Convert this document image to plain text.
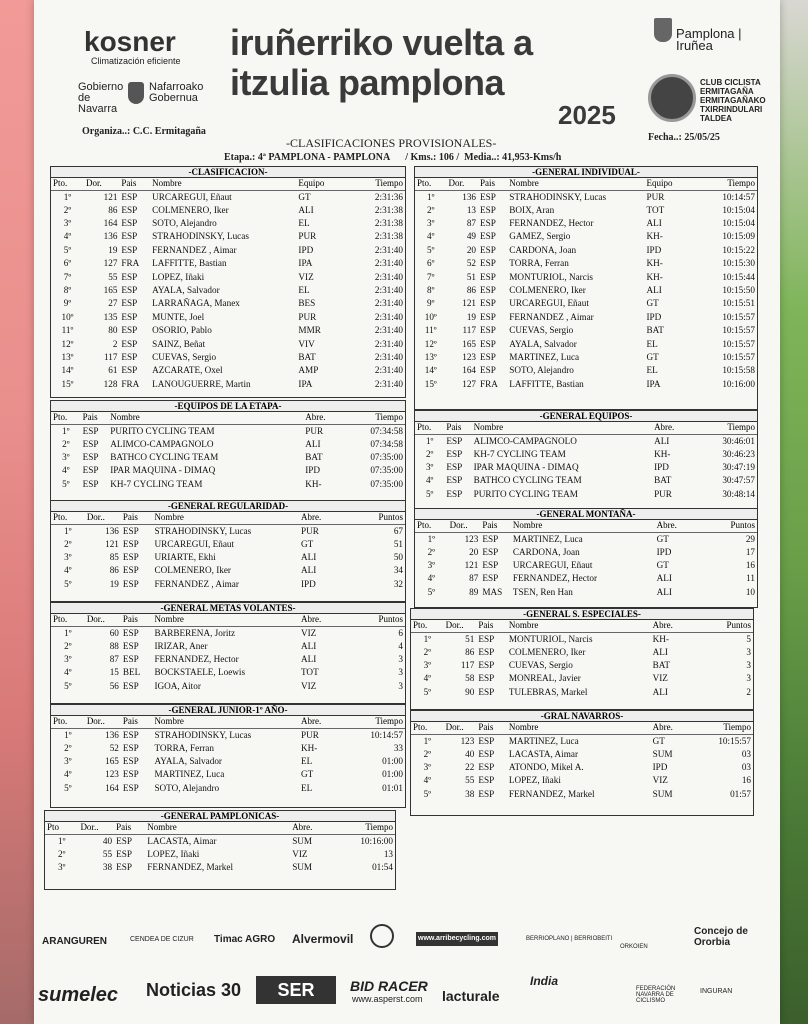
kosner
Climatización eficiente
Gobierno de Navarra
Nafarroako Gobernua
iruñerriko vuelta a
itzulia pamplona
2025
Pamplona | Iruñea
CLUB CICLISTA ERMITAGAÑA ERMITAGAÑAKO TXIRRINDULARI TALDEA
Organiza..: C.C. Ermitagaña
-CLASIFICACIONES PROVISIONALES-	Fecha..: 25/05/25
Etapa.: 4ª PAMPLONA - PAMPLONA / Kms.: 106 / Media..: 41,953-Kms/h
-CLASIFICACION-
Pto.	Dor.	Pais	Nombre	Equipo	Tiempo
1º	121	ESP	URCAREGUI, Eñaut	GT	2:31:36
2º	86	ESP	COLMENERO, Iker	ALI	2:31:38
3º	164	ESP	SOTO, Alejandro	EL	2:31:38
4º	136	ESP	STRAHODINSKY, Lucas	PUR	2:31:38
5º	19	ESP	FERNANDEZ , Aimar	IPD	2:31:40
6º	127	FRA	LAFFITTE, Bastian	IPA	2:31:40
7º	55	ESP	LOPEZ, Iñaki	VIZ	2:31:40
8º	165	ESP	AYALA, Salvador	EL	2:31:40
9º	27	ESP	LARRAÑAGA, Manex	BES	2:31:40
10º	135	ESP	MUNTE, Joel	PUR	2:31:40
11º	80	ESP	OSORIO, Pablo	MMR	2:31:40
12º	2	ESP	SAINZ, Beñat	VIV	2:31:40
13º	117	ESP	CUEVAS, Sergio	BAT	2:31:40
14º	61	ESP	AZCARATE, Oxel	AMP	2:31:40
15º	128	FRA	LANOUGUERRE, Martin	IPA	2:31:40
-EQUIPOS DE LA ETAPA-
Pto.	Pais	Nombre	Abre.	Tiempo
1º	ESP	PURITO CYCLING TEAM	PUR	07:34:58
2º	ESP	ALIMCO-CAMPAGNOLO	ALI	07:34:58
3º	ESP	BATHCO CYCLING TEAM	BAT	07:35:00
4º	ESP	IPAR MAQUINA - DIMAQ	IPD	07:35:00
5º	ESP	KH-7 CYCLING TEAM	KH-	07:35:00
-GENERAL REGULARIDAD-
Pto.	Dor..	Pais	Nombre	Abre.	Puntos
1º	136	ESP	STRAHODINSKY, Lucas	PUR	67
2º	121	ESP	URCAREGUI, Eñaut	GT	51
3º	85	ESP	URIARTE, Ekhi	ALI	50
4º	86	ESP	COLMENERO, Iker	ALI	34
5º	19	ESP	FERNANDEZ , Aimar	IPD	32
-GENERAL METAS VOLANTES-
Pto.	Dor..	Pais	Nombre	Abre.	Puntos
1º	60	ESP	BARBERENA, Joritz	VIZ	6
2º	88	ESP	IRIZAR, Aner	ALI	4
3º	87	ESP	FERNANDEZ, Hector	ALI	3
4º	15	BEL	BOCKSTAELE, Loewis	TOT	3
5º	56	ESP	IGOA, Aitor	VIZ	3
-GENERAL JUNIOR-1º AÑO-
Pto.	Dor..	Pais	Nombre	Abre.	Tiempo
1º	136	ESP	STRAHODINSKY, Lucas	PUR	10:14:57
2º	52	ESP	TORRA, Ferran	KH-	33
3º	165	ESP	AYALA, Salvador	EL	01:00
4º	123	ESP	MARTINEZ, Luca	GT	01:00
5º	164	ESP	SOTO, Alejandro	EL	01:01
-GENERAL PAMPLONICAS-
Pto	Dor..	Pais	Nombre	Abre.	Tiempo
1º	40	ESP	LACASTA, Aimar	SUM	10:16:00
2º	55	ESP	LOPEZ, Iñaki	VIZ	13
3º	38	ESP	FERNANDEZ, Markel	SUM	01:54
-GENERAL INDIVIDUAL-
Pto.	Dor.	Pais	Nombre	Equipo	Tiempo
1º	136	ESP	STRAHODINSKY, Lucas	PUR	10:14:57
2º	13	ESP	BOIX, Aran	TOT	10:15:04
3º	87	ESP	FERNANDEZ, Hector	ALI	10:15:04
4º	49	ESP	GAMEZ, Sergio	KH-	10:15:09
5º	20	ESP	CARDONA, Joan	IPD	10:15:22
6º	52	ESP	TORRA, Ferran	KH-	10:15:30
7º	51	ESP	MONTURIOL, Narcis	KH-	10:15:44
8º	86	ESP	COLMENERO, Iker	ALI	10:15:50
9º	121	ESP	URCAREGUI, Eñaut	GT	10:15:51
10º	19	ESP	FERNANDEZ , Aimar	IPD	10:15:57
11º	117	ESP	CUEVAS, Sergio	BAT	10:15:57
12º	165	ESP	AYALA, Salvador	EL	10:15:57
13º	123	ESP	MARTINEZ, Luca	GT	10:15:57
14º	164	ESP	SOTO, Alejandro	EL	10:15:58
15º	127	FRA	LAFFITTE, Bastian	IPA	10:16:00
-GENERAL EQUIPOS-
Pto.	Pais	Nombre	Abre.	Tiempo
1º	ESP	ALIMCO-CAMPAGNOLO	ALI	30:46:01
2º	ESP	KH-7 CYCLING TEAM	KH-	30:46:23
3º	ESP	IPAR MAQUINA - DIMAQ	IPD	30:47:19
4º	ESP	BATHCO CYCLING TEAM	BAT	30:47:57
5º	ESP	PURITO CYCLING TEAM	PUR	30:48:14
-GENERAL MONTAÑA-
Pto.	Dor..	Pais	Nombre	Abre.	Puntos
1º	123	ESP	MARTINEZ, Luca	GT	29
2º	20	ESP	CARDONA, Joan	IPD	17
3º	121	ESP	URCAREGUI, Eñaut	GT	16
4º	87	ESP	FERNANDEZ, Hector	ALI	11
5º	89	MAS	TSEN, Ren Han	ALI	10
-GENERAL S. ESPECIALES-
Pto.	Dor..	Pais	Nombre	Abre.	Puntos
1º	51	ESP	MONTURIOL, Narcis	KH-	5
2º	86	ESP	COLMENERO, Iker	ALI	3
3º	117	ESP	CUEVAS, Sergio	BAT	3
4º	58	ESP	MONREAL, Javier	VIZ	3
5º	90	ESP	TULEBRAS, Markel	ALI	2
-GRAL NAVARROS-
Pto.	Dor..	Pais	Nombre	Abre.	Tiempo
1º	123	ESP	MARTINEZ, Luca	GT	10:15:57
2º	40	ESP	LACASTA, Aimar	SUM	03
3º	22	ESP	ATONDO, Mikel A.	IPD	03
4º	55	ESP	LOPEZ, Iñaki	VIZ	16
5º	38	ESP	FERNANDEZ, Markel	SUM	01:57
ARANGUREN	CENDEA DE CIZUR Timac AGRO Alvermovil	www.arribecycling.com	BERRIOPLANO | BERRIOBEITI
ORKOIEN
Concejo de Ororbia
sumelec Noticias 30	SER	BID RACER
www.asperst.com lacturale
India
FEDERACIÓN NAVARRA DE CICLISMO
INGURAN
